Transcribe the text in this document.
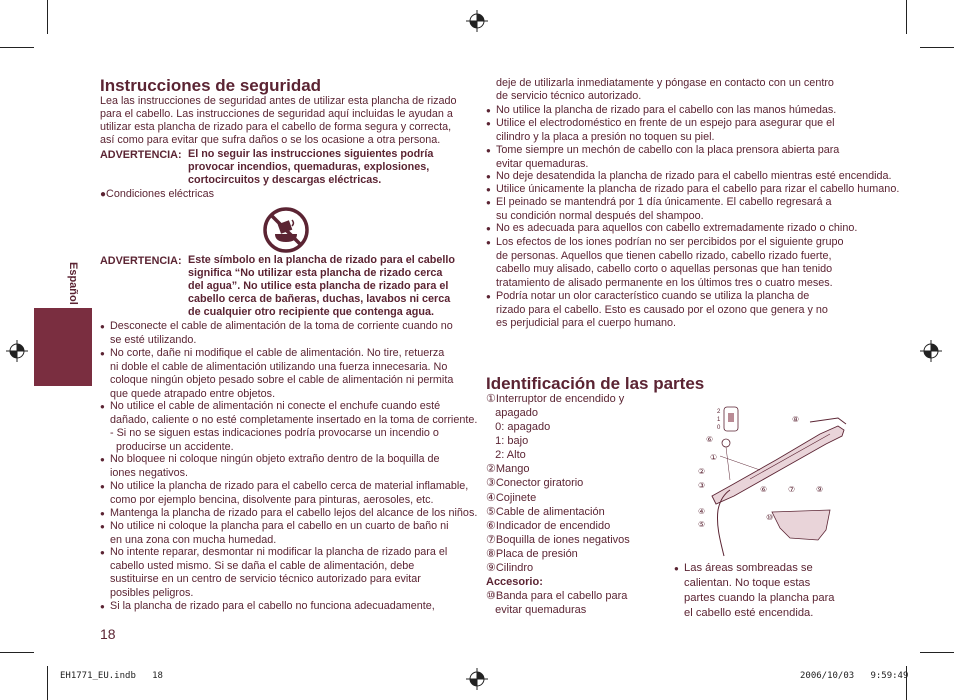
Español
Instrucciones de seguridad
Lea las instrucciones de seguridad antes de utilizar esta plancha de rizado
para el cabello. Las instrucciones de seguridad aquí incluidas le ayudan a
utilizar esta plancha de rizado para el cabello de forma segura y correcta,
así como para evitar que sufra daños o se los ocasione a otra persona.
ADVERTENCIA: El no seguir las instrucciones siguientes podría
provocar incendios, quemaduras, explosiones,
cortocircuitos y descargas eléctricas.
●Condiciones eléctricas
ADVERTENCIA: Este símbolo en la plancha de rizado para el cabello
significa “No utilizar esta plancha de rizado cerca
del agua”. No utilice esta plancha de rizado para el
cabello cerca de bañeras, duchas, lavabos ni cerca
de cualquier otro recipiente que contenga agua.
● Desconecte el cable de alimentación de la toma de corriente cuando no
se esté utilizando.
● No corte, dañe ni modifique el cable de alimentación. No tire, retuerza
ni doble el cable de alimentación utilizando una fuerza innecesaria. No
coloque ningún objeto pesado sobre el cable de alimentación ni permita
que quede atrapado entre objetos.
● No utilice el cable de alimentación ni conecte el enchufe cuando esté
dañado, caliente o no esté completamente insertado en la toma de corriente.
- Si no se siguen estas indicaciones podría provocarse un incendio o
producirse un accidente.
● No bloquee ni coloque ningún objeto extraño dentro de la boquilla de
iones negativos.
● No utilice la plancha de rizado para el cabello cerca de material inflamable,
como por ejemplo bencina, disolvente para pinturas, aerosoles, etc.
● Mantenga la plancha de rizado para el cabello lejos del alcance de los niños.
● No utilice ni coloque la plancha para el cabello en un cuarto de baño ni
en una zona con mucha humedad.
● No intente reparar, desmontar ni modificar la plancha de rizado para el
cabello usted mismo. Si se daña el cable de alimentación, debe
sustituirse en un centro de servicio técnico autorizado para evitar
posibles peligros.
● Si la plancha de rizado para el cabello no funciona adecuadamente,
18
deje de utilizarla inmediatamente y póngase en contacto con un centro
de servicio técnico autorizado.
● No utilice la plancha de rizado para el cabello con las manos húmedas.
● Utilice el electrodoméstico en frente de un espejo para asegurar que el
cilindro y la placa a presión no toquen su piel.
● Tome siempre un mechón de cabello con la placa prensora abierta para
evitar quemaduras.
● No deje desatendida la plancha de rizado para el cabello mientras esté encendida.
● Utilice únicamente la plancha de rizado para el cabello para rizar el cabello humano.
● El peinado se mantendrá por 1 día únicamente. El cabello regresará a
su condición normal después del shampoo.
● No es adecuada para aquellos con cabello extremadamente rizado o chino.
● Los efectos de los iones podrían no ser percibidos por el siguiente grupo
de personas. Aquellos que tienen cabello rizado, cabello rizado fuerte,
cabello muy alisado, cabello corto o aquellas personas que han tenido
tratamiento de alisado permanente en los últimos tres o cuatro meses.
● Podría notar un olor característico cuando se utiliza la plancha de
rizado para el cabello. Esto es causado por el ozono que genera y no
es perjudicial para el cuerpo humano.
Identificación de las partes
①Interruptor de encendido y
apagado
0: apagado
1: bajo
2: Alto
②Mango
③Conector giratorio
④Cojinete
⑤Cable de alimentación
⑥Indicador de encendido
⑦Boquilla de iones negativos
⑧Placa de presión
⑨Cilindro
Accesorio:
⑩Banda para el cabello para
evitar quemaduras
2
1
0
①
⑥
②
③
④
⑤
⑦
⑧
⑨
⑩
⑥
● Las áreas sombreadas se
calientan. No toque estas
partes cuando la plancha para
el cabello esté encendida.
EH1771_EU.indb   18	2006/10/03   9:59:49
